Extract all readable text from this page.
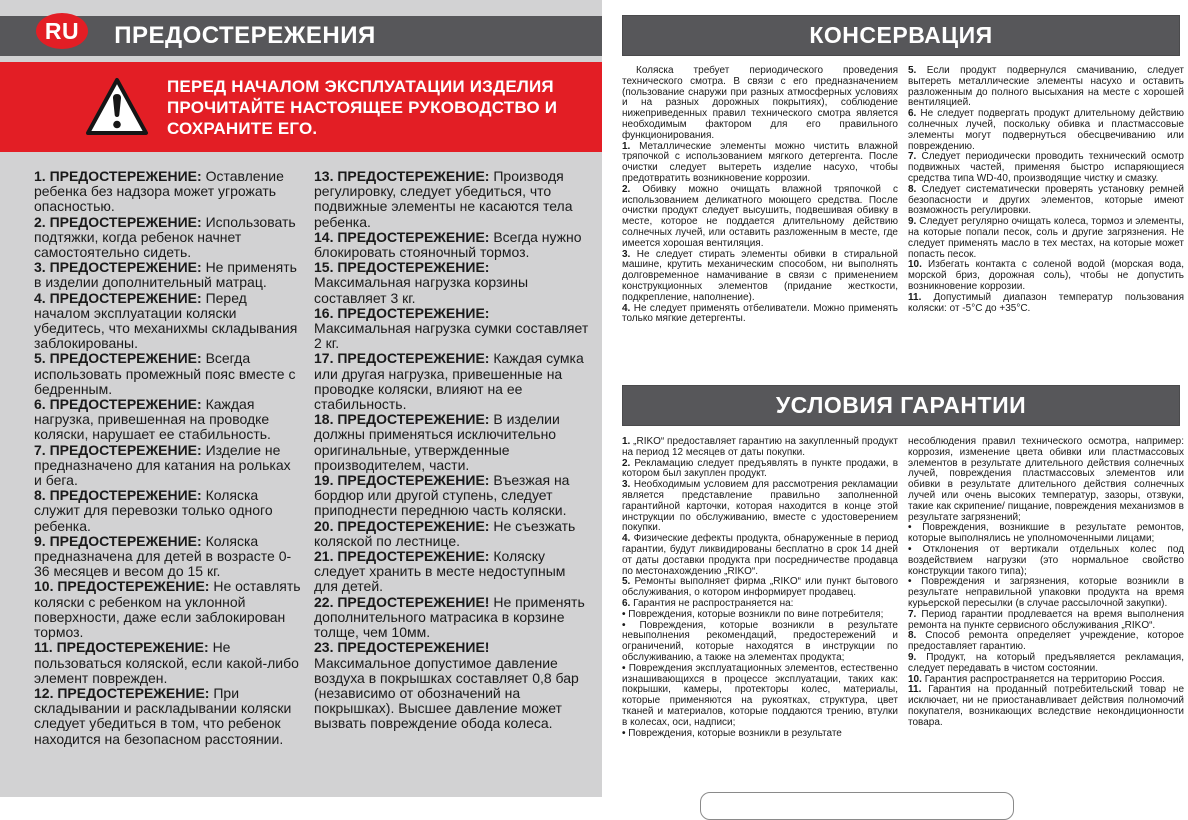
RU	ПРЕДОСТЕРЕЖЕНИЯ
ПЕРЕД НАЧАЛОМ ЭКСПЛУАТАЦИИ ИЗДЕЛИЯ
ПРОЧИТАЙТЕ НАСТОЯЩЕЕ РУКОВОДСТВО И
СОХРАНИТЕ ЕГО.

1. ПРЕДОСТЕРЕЖЕНИЕ: Оставление ребенка без надзора может угрожать опасностью.

2. ПРЕДОСТЕРЕЖЕНИЕ: Использовать подтяжки, когда ребенок начнет самостоятельно сидеть.

3. ПРЕДОСТЕРЕЖЕНИЕ: Не применять в изделии дополнительный матрац.

4. ПРЕДОСТЕРЕЖЕНИЕ: Перед началом эксплуатации коляски убедитесь, что механихмы складывания заблокированы.

5. ПРЕДОСТЕРЕЖЕНИЕ: Всегда использовать промежный пояс вместе с бедренным.

6. ПРЕДОСТЕРЕЖЕНИЕ: Каждая нагрузка, привешенная на проводке коляски, нарушает ее стабильность.

7. ПРЕДОСТЕРЕЖЕНИЕ: Изделие не предназначено для катания на рольках и бега.

8. ПРЕДОСТЕРЕЖЕНИЕ: Коляска служит для перевозки только одного ребенка.

9. ПРЕДОСТЕРЕЖЕНИЕ: Коляска предназначена для детей в возрасте 0-36 месяцев и весом до 15 кг.

10. ПРЕДОСТЕРЕЖЕНИЕ: Не оставлять коляски с ребенком на уклонной поверхности, даже если заблокирован тормоз.

11. ПРЕДОСТЕРЕЖЕНИЕ: Не пользоваться коляской, если какой-либо элемент поврежден.

12. ПРЕДОСТЕРЕЖЕНИЕ: При складывании и раскладывании коляски следует убедиться в том, что ребенок находится на безопасном расстоянии.

13. ПРЕДОСТЕРЕЖЕНИЕ: Производя регулировку, следует убедиться, что подвижные элементы не касаются тела ребенка.

14. ПРЕДОСТЕРЕЖЕНИЕ: Всегда нужно блокировать стояночный тормоз.

15. ПРЕДОСТЕРЕЖЕНИЕ: Максимальная нагрузка корзины составляет 3 кг.

16. ПРЕДОСТЕРЕЖЕНИЕ: Максимальная нагрузка сумки составляет 2 кг.

17. ПРЕДОСТЕРЕЖЕНИЕ: Каждая сумка или другая нагрузка, привешенные на проводке коляски, влияют на ее стабильность.

18. ПРЕДОСТЕРЕЖЕНИЕ: В изделии должны применяться исключительно оригинальные, утвержденные производителем, части.

19. ПРЕДОСТЕРЕЖЕНИЕ: Въезжая на бордюр или другой ступень, следует приподнести переднюю часть коляски.

20. ПРЕДОСТЕРЕЖЕНИЕ: Не съезжать коляской по лестнице.

21. ПРЕДОСТЕРЕЖЕНИЕ: Коляску следует хранить в месте недоступным для детей.

22. ПРЕДОСТЕРЕЖЕНИЕ! Не применять дополнительного матрасика в корзине толще, чем 10мм.

23. ПРЕДОСТЕРЕЖЕНИЕ! Максимальное допустимое давление воздуха в покрышках составляет 0,8 бар (независимо от обозначений на покрышках). Высшее давление может вызвать повреждение обода колеса.

КОНСЕРВАЦИЯ

Коляска требует периодического проведения технического смотра. В связи с его предназначением (пользование снаружи при разных атмосферных условиях и на разных дорожных покрытиях), соблюдение нижеприведенных правил технического смотра является необходимым фактором для его правильного функционирования.

1. Металлические элементы можно чистить влажной тряпочкой с использованием мягкого детергента. После очистки следует вытереть изделие насухо, чтобы предотвратить возникновение коррозии.

2. Обивку можно очищать влажной тряпочкой с использованием деликатного моющего средства. После очистки продукт следует высушить, подвешивая обивку в месте, которое не поддается длительному действию солнечных лучей, или оставить разложенным в месте, где имеется хорошая вентиляция.

3. Не следует стирать элементы обивки в стиральной машине, крутить механическим способом, ни выполнять долговременное намачивание в связи с применением конструкционных элементов (придание жесткости, подкрепление, наполнение).

4. Не следует применять отбеливатели. Можно применять только мягкие детергенты.

5. Если продукт подвернулся смачиванию, следует вытереть металлические элементы насухо и оставить разложенным до полного высыхания на месте с хорошей вентиляцией.

6. Не следует подвергать продукт длительному действию солнечных лучей, поскольку обивка и пластмассовые элементы могут подвернуться обесцвечиванию или повреждению.

7. Следует периодически проводить технический осмотр подвижных частей, применяя быстро испаряющиеся средства типа WD-40, производящие чистку и смазку.

8. Следует систематически проверять установку ремней безопасности и других элементов, которые имеют возможность регулировки.

9. Следует регулярно очищать колеса, тормоз и элементы, на которые попали песок, соль и другие загрязнения. Не следует применять масло в тех местах, на которые может попасть песок.

10. Избегать контакта с соленой водой (морская вода, морской бриз, дорожная соль), чтобы не допустить возникновение коррозии.

11. Допустимый диапазон температур пользования коляски: от -5°С до +35°С.

УСЛОВИЯ ГАРАНТИИ

1. „RIKO“ предоставляет гарантию на закупленный продукт на период 12 месяцев от даты покупки.

2. Рекламацию следует предъявлять в пункте продажи, в котором был закуплен продукт.

3. Необходимым условием для рассмотрения рекламации является представление правильно заполненной гарантийной карточки, которая находится в конце этой инструкции по обслуживанию, вместе с удостоверением покупки.

4. Физические дефекты продукта, обнаруженные в период гарантии, будут ликвидированы бесплатно в срок 14 дней от даты доставки продукта при посредничестве продавца по местонахождению „RIKO“.

5. Ремонты выполняет фирма „RIKO“ или пункт бытового обслуживания, о котором информирует продавец.

6. Гарантия не распространяется на:

• Повреждения, которые возникли по вине потребителя;

• Повреждения, которые возникли в результате невыполнения рекомендаций, предостережений и ограничений, которые находятся в инструкции по обслуживанию, а также на элементах продукта;

• Повреждения эксплуатационных элементов, естественно изнашивающихся в процессе эксплуатации, таких как: покрышки, камеры, протекторы колес, материалы, которые применяются на рукоятках, структура, цвет тканей и материалов, которые поддаются трению, втулки в колесах, оси, надписи;

• Повреждения, которые возникли в результате

несоблюдения правил технического осмотра, например: коррозия, изменение цвета обивки или пластмассовых элементов в результате длительного действия солнечных лучей, повреждения пластмассовых элементов или обивки в результате длительного действия солнечных лучей или очень высоких температур, зазоры, отзвуки, такие как скрипение/ пищание, повреждения механизмов в результате загрязнений;

• Повреждения, возникшие в результате ремонтов, которые выполнялись не уполномоченными лицами;

• Отклонения от вертикали отдельных колес под воздействием нагрузки (это нормальное свойство конструкции такого типа);

• Повреждения и загрязнения, которые возникли в результате неправильной упаковки продукта на время курьерской пересылки (в случае рассылочной закупки).

7. Период гарантии продлевается на время выполнения ремонта на пункте сервисного обслуживания „RIKO“.

8. Способ ремонта определяет учреждение, которое предоставляет гарантию.

9. Продукт, на который предъявляется рекламация, следует передавать в чистом состоянии.

10. Гарантия распространяется на территорию Россия.

11. Гарантия на проданный потребительский товар не исключает, ни не приостанавливает действия полномочий покупателя, возникающих вследствие некондиционности товара.
